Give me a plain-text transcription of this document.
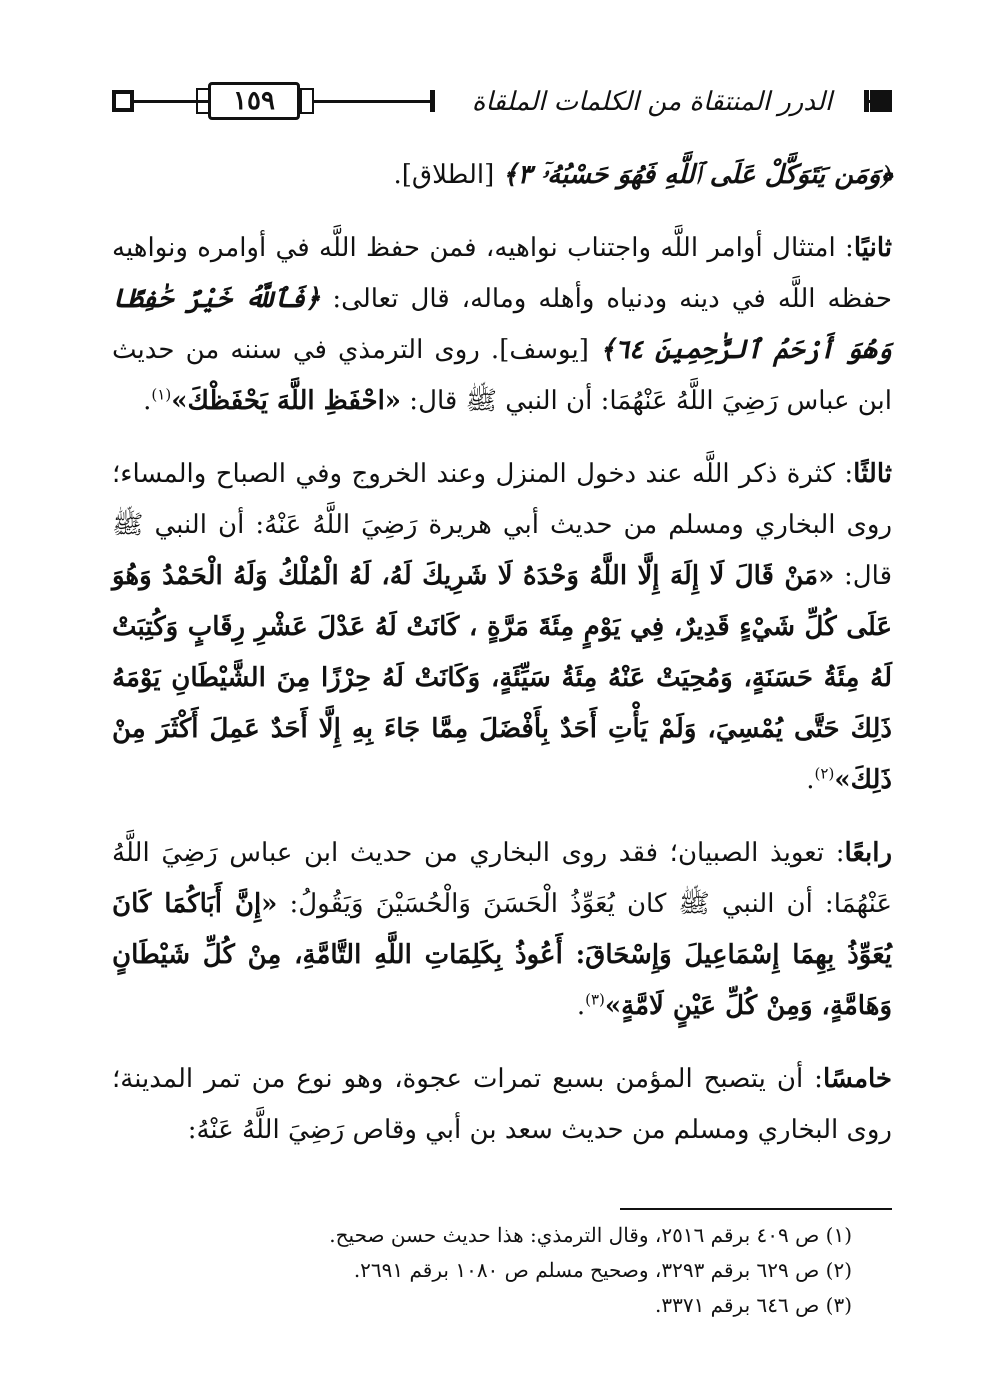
١٥٩	الدرر المنتقاة من الكلمات الملقاة

﴿وَمَن يَتَوَكَّلْ عَلَى ٱللَّهِ فَهُوَ حَسْبُهُۥٓ ٣﴾ [الطلاق].

ثانيًا: امتثال أوامر اللَّه واجتناب نواهيه، فمن حفظ اللَّه في أوامره ونواهيه حفظه اللَّه في دينه ودنياه وأهله وماله، قال تعالى: ﴿فَٱللَّهُ خَيْرٌ حَٰفِظًا وَهُوَ أَرْحَمُ ٱلرَّٰحِمِينَ ٦٤﴾ [يوسف]. روى الترمذي في سننه من حديث ابن عباس رَضِيَ اللَّهُ عَنْهُمَا: أن النبي ﷺ قال: «احْفَظِ اللَّهَ يَحْفَظْكَ»$^{(١)}$.

ثالثًا: كثرة ذكر اللَّه عند دخول المنزل وعند الخروج وفي الصباح والمساء؛ روى البخاري ومسلم من حديث أبي هريرة رَضِيَ اللَّهُ عَنْهُ: أن النبي ﷺ قال: «مَنْ قَالَ لَا إِلَهَ إِلَّا اللَّهُ وَحْدَهُ لَا شَرِيكَ لَهُ، لَهُ الْمُلْكُ وَلَهُ الْحَمْدُ وَهُوَ عَلَى كُلِّ شَيْءٍ قَدِيرٌ، فِي يَوْمٍ مِئَةَ مَرَّةٍ ، كَانَتْ لَهُ عَدْلَ عَشْرِ رِقَابٍ وَكُتِبَتْ لَهُ مِئَةُ حَسَنَةٍ، وَمُحِيَتْ عَنْهُ مِئَةُ سَيِّئَةٍ، وَكَانَتْ لَهُ حِرْزًا مِنَ الشَّيْطَانِ يَوْمَهُ ذَلِكَ حَتَّى يُمْسِيَ، وَلَمْ يَأْتِ أَحَدٌ بِأَفْضَلَ مِمَّا جَاءَ بِهِ إِلَّا أَحَدٌ عَمِلَ أَكْثَرَ مِنْ ذَلِكَ»$^{(٢)}$.

رابعًا: تعويذ الصبيان؛ فقد روى البخاري من حديث ابن عباس رَضِيَ اللَّهُ عَنْهُمَا: أن النبي ﷺ كان يُعَوِّذُ الْحَسَنَ وَالْحُسَيْنَ وَيَقُولُ: «إِنَّ أَبَاكُمَا كَانَ يُعَوِّذُ بِهِمَا إِسْمَاعِيلَ وَإِسْحَاقَ: أَعُوذُ بِكَلِمَاتِ اللَّهِ التَّامَّةِ، مِنْ كُلِّ شَيْطَانٍ وَهَامَّةٍ، وَمِنْ كُلِّ عَيْنٍ لَامَّةٍ»$^{(٣)}$.

خامسًا: أن يتصبح المؤمن بسبع تمرات عجوة، وهو نوع من تمر المدينة؛ روى البخاري ومسلم من حديث سعد بن أبي وقاص رَضِيَ اللَّهُ عَنْهُ:

(١) ص ٤٠٩ برقم ٢٥١٦، وقال الترمذي: هذا حديث حسن صحيح.

(٢) ص ٦٢٩ برقم ٣٢٩٣، وصحيح مسلم ص ١٠٨٠ برقم ٢٦٩١.

(٣) ص ٦٤٦ برقم ٣٣٧١.
